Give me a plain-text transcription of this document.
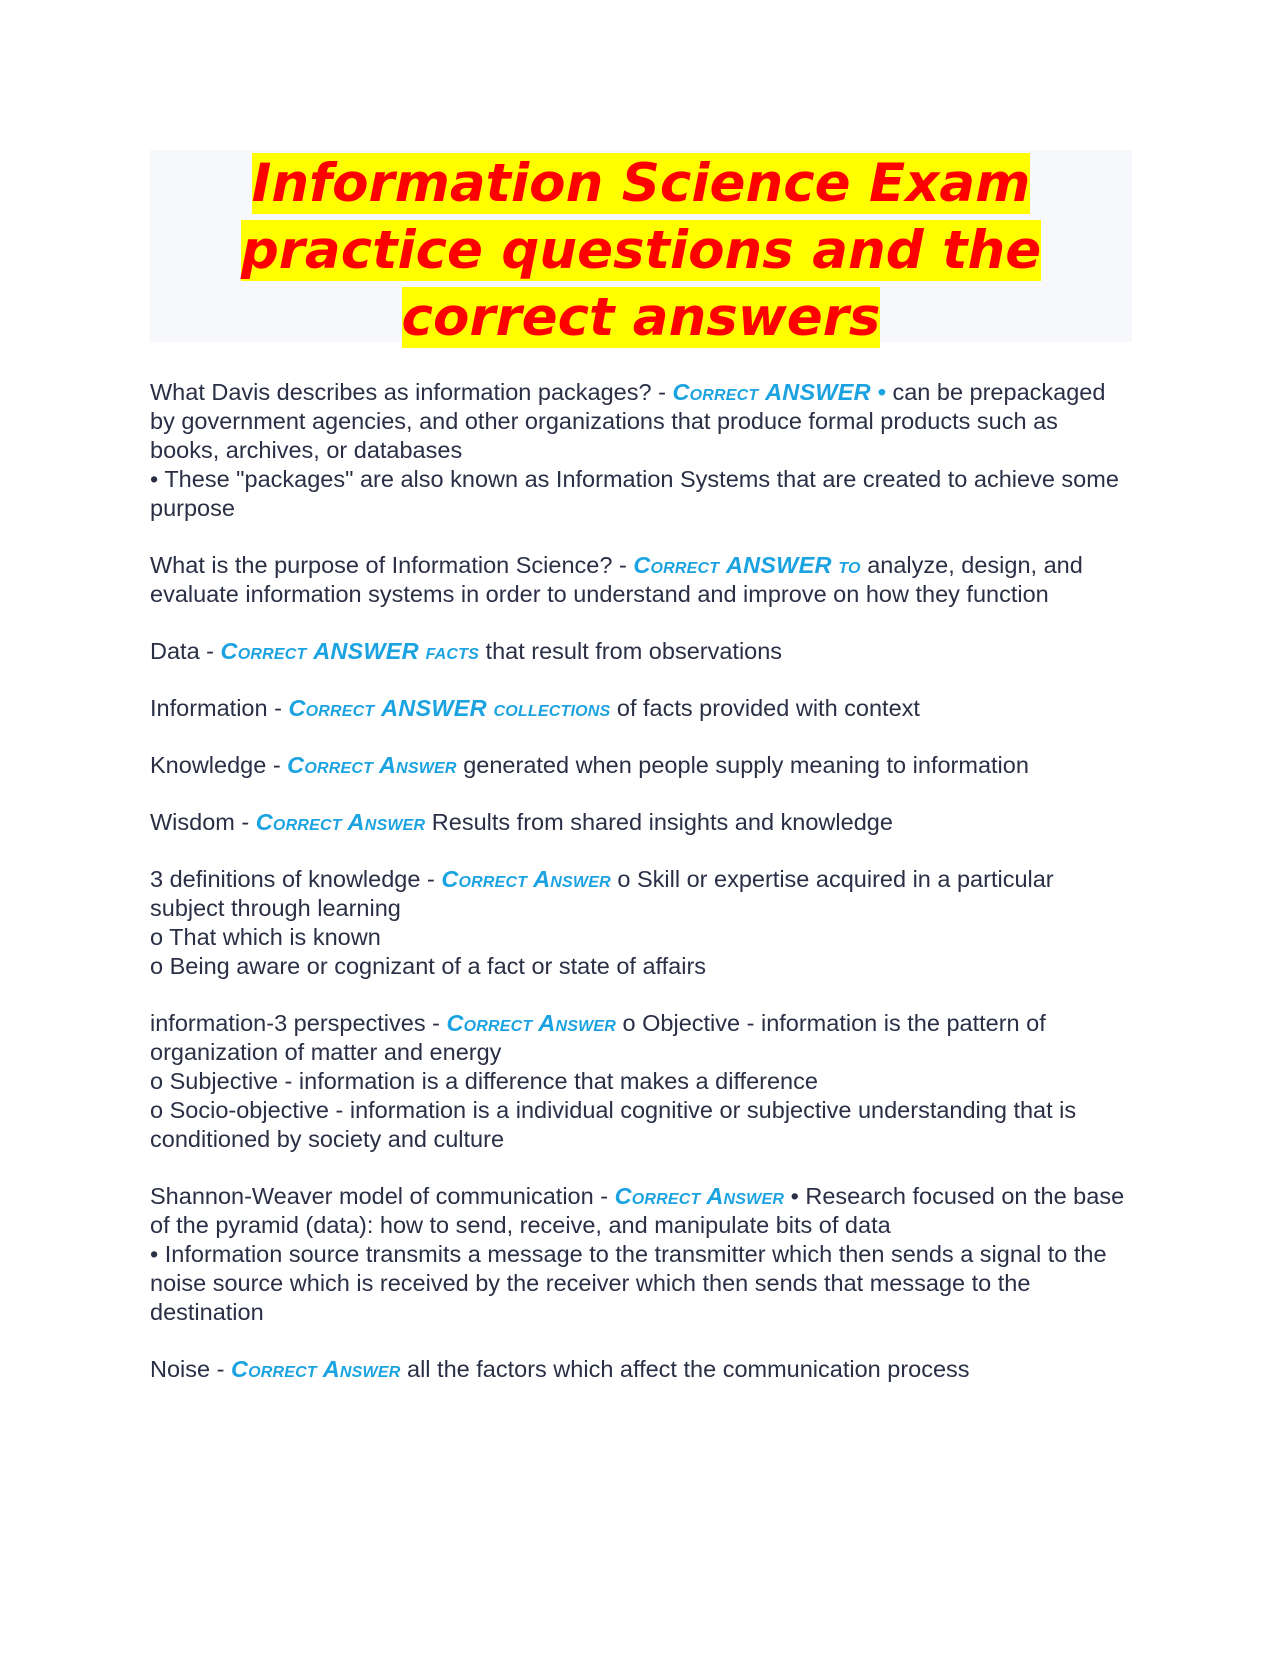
Information Science Exam
practice questions and the
correct answers

What Davis describes as information packages? - Correct ANSWER • can be prepackaged by government agencies, and other organizations that produce formal products such as books, archives, or databases
• These "packages" are also known as Information Systems that are created to achieve some purpose

What is the purpose of Information Science? - Correct ANSWER to analyze, design, and evaluate information systems in order to understand and improve on how they function

Data - Correct ANSWER facts that result from observations

Information - Correct ANSWER collections of facts provided with context

Knowledge - Correct Answer generated when people supply meaning to information

Wisdom - Correct Answer Results from shared insights and knowledge

3 definitions of knowledge - Correct Answer o Skill or expertise acquired in a particular subject through learning
o That which is known
o Being aware or cognizant of a fact or state of affairs

information-3 perspectives - Correct Answer o Objective - information is the pattern of organization of matter and energy
o Subjective - information is a difference that makes a difference
o Socio-objective - information is a individual cognitive or subjective understanding that is conditioned by society and culture

Shannon-Weaver model of communication - Correct Answer • Research focused on the base of the pyramid (data): how to send, receive, and manipulate bits of data
• Information source transmits a message to the transmitter which then sends a signal to the noise source which is received by the receiver which then sends that message to the destination

Noise - Correct Answer all the factors which affect the communication process
